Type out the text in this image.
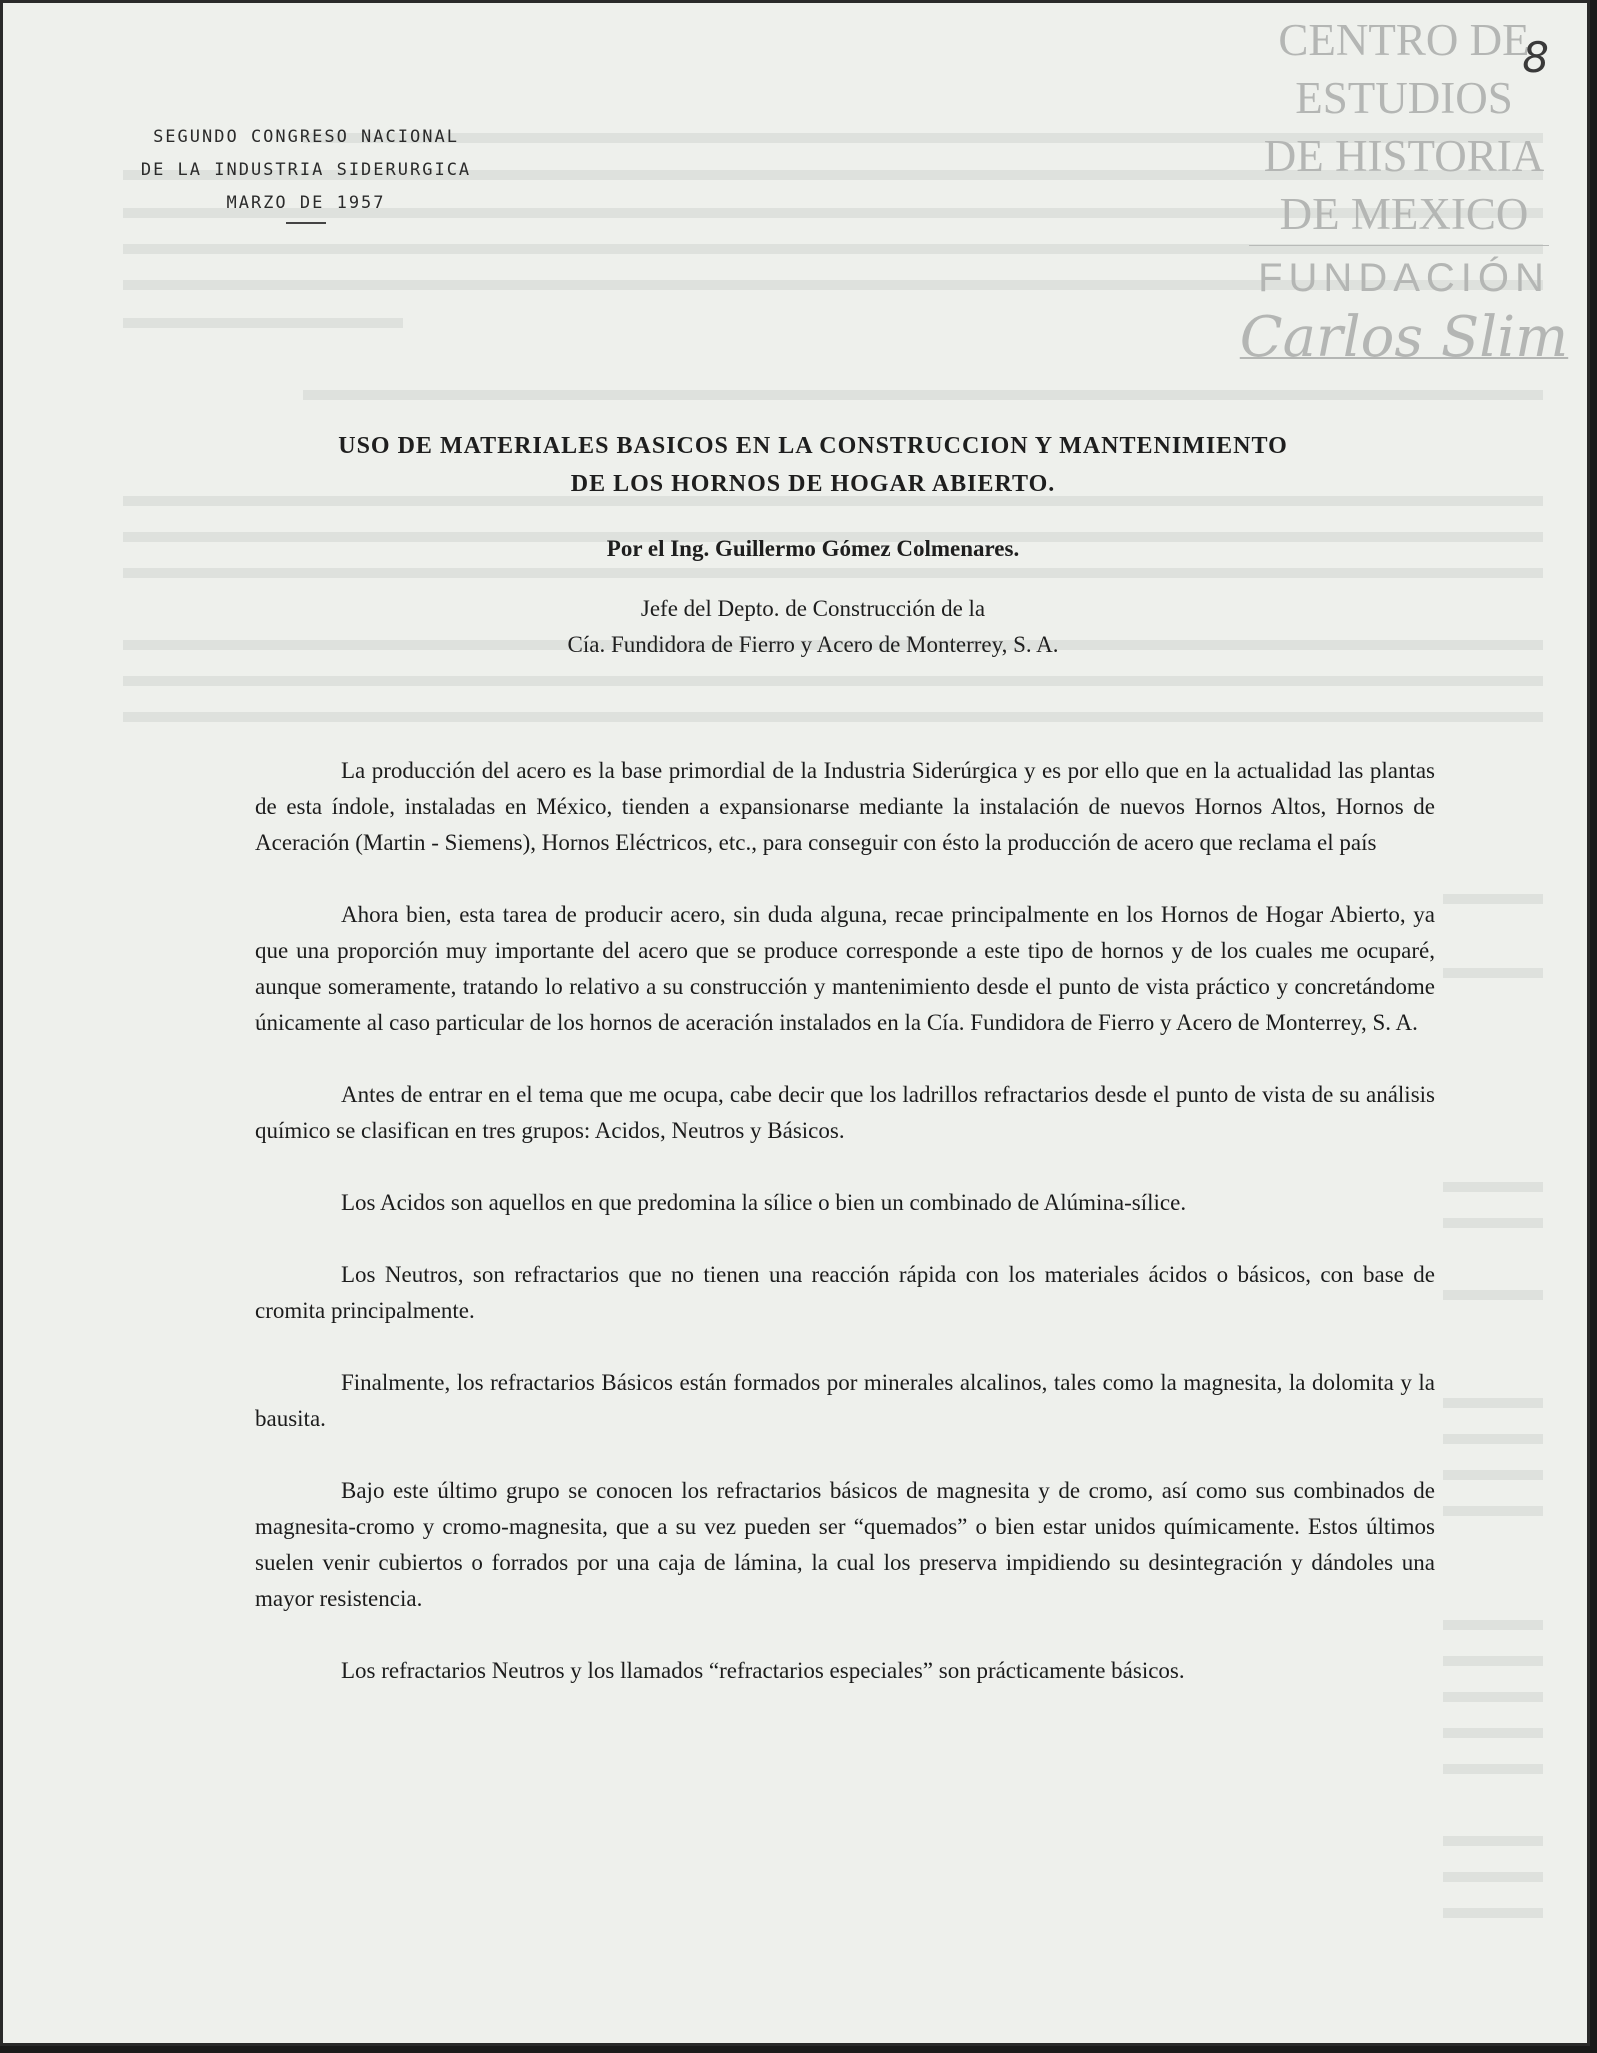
SEGUNDO CONGRESO NACIONAL
DE LA INDUSTRIA SIDERURGICA
MARZO DE 1957
CENTRO DE
ESTUDIOS
DE HISTORIA
DE MEXICO
FUNDACIÓN
Carlos Slim
8
USO DE MATERIALES BASICOS EN LA CONSTRUCCION Y MANTENIMIENTO
DE LOS HORNOS DE HOGAR ABIERTO.
Por el Ing. Guillermo Gómez Colmenares.
Jefe del Depto. de Construcción de la
Cía. Fundidora de Fierro y Acero de Monterrey, S. A.

La producción del acero es la base primordial de la Industria Siderúrgica y es por ello que en la actualidad las plantas de esta índole, instaladas en México, tienden a expansionarse mediante la instalación de nuevos Hornos Altos, Hornos de Aceración (Martin - Siemens), Hornos Eléctricos, etc., para conseguir con ésto la producción de acero que reclama el país

Ahora bien, esta tarea de producir acero, sin duda alguna, recae principalmente en los Hornos de Hogar Abierto, ya que una proporción muy importante del acero que se produce corresponde a este tipo de hornos y de los cuales me ocuparé, aunque someramente, tratando lo relativo a su construcción y mantenimiento desde el punto de vista práctico y concretándome únicamente al caso particular de los hornos de aceración instalados en la Cía. Fundidora de Fierro y Acero de Monterrey, S. A.

Antes de entrar en el tema que me ocupa, cabe decir que los ladrillos refractarios desde el punto de vista de su análisis químico se clasifican en tres grupos: Acidos, Neutros y Básicos.

Los Acidos son aquellos en que predomina la sílice o bien un combinado de Alúmina-sílice.

Los Neutros, son refractarios que no tienen una reacción rápida con los materiales ácidos o básicos, con base de cromita principalmente.

Finalmente, los refractarios Básicos están formados por minerales alcalinos, tales como la magnesita, la dolomita y la bausita.

Bajo este último grupo se conocen los refractarios básicos de magnesita y de cromo, así como sus combinados de magnesita-cromo y cromo-magnesita, que a su vez pueden ser “quemados” o bien estar unidos químicamente. Estos últimos suelen venir cubiertos o forrados por una caja de lámina, la cual los preserva impidiendo su desintegración y dándoles una mayor resistencia.

Los refractarios Neutros y los llamados “refractarios especiales” son prácticamente básicos.
